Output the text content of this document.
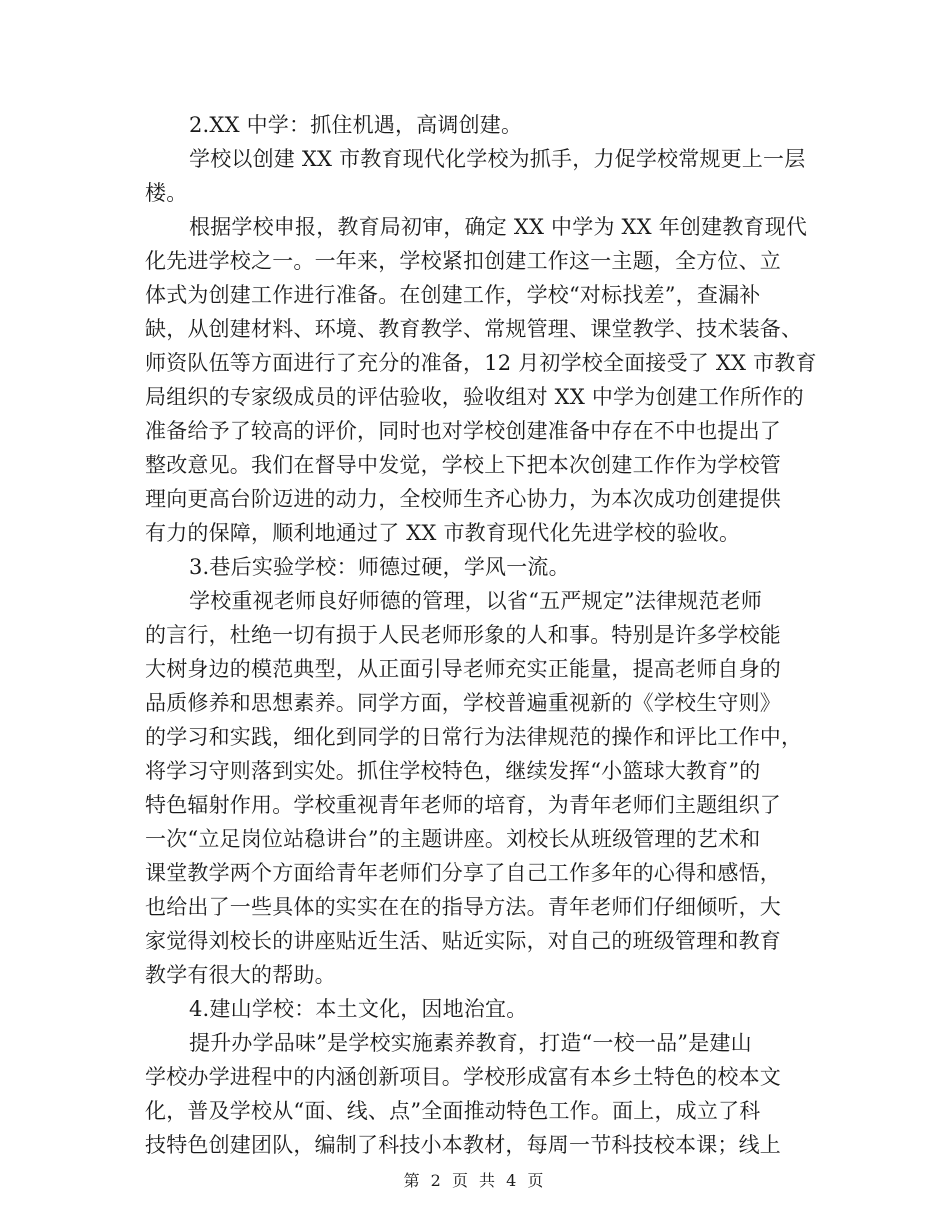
2.XX 中学：抓住机遇，高调创建。
学校以创建 XX 市教育现代化学校为抓手，力促学校常规更上一层
楼。
根据学校申报，教育局初审，确定 XX 中学为 XX 年创建教育现代
化先进学校之一。一年来，学校紧扣创建工作这一主题，全方位、立
体式为创建工作进行准备。在创建工作，学校“对标找差”，查漏补
缺，从创建材料、环境、教育教学、常规管理、课堂教学、技术装备、
师资队伍等方面进行了充分的准备，12 月初学校全面接受了 XX 市教育
局组织的专家级成员的评估验收，验收组对 XX 中学为创建工作所作的
准备给予了较高的评价，同时也对学校创建准备中存在不中也提出了
整改意见。我们在督导中发觉，学校上下把本次创建工作作为学校管
理向更高台阶迈进的动力，全校师生齐心协力，为本次成功创建提供
有力的保障，顺利地通过了 XX 市教育现代化先进学校的验收。
3.巷后实验学校：师德过硬，学风一流。
学校重视老师良好师德的管理，以省“五严规定”法律规范老师
的言行，杜绝一切有损于人民老师形象的人和事。特别是许多学校能
大树身边的模范典型，从正面引导老师充实正能量，提高老师自身的
品质修养和思想素养。同学方面，学校普遍重视新的《学校生守则》
的学习和实践，细化到同学的日常行为法律规范的操作和评比工作中，
将学习守则落到实处。抓住学校特色，继续发挥“小篮球大教育”的
特色辐射作用。学校重视青年老师的培育，为青年老师们主题组织了
一次“立足岗位站稳讲台”的主题讲座。刘校长从班级管理的艺术和
课堂教学两个方面给青年老师们分享了自己工作多年的心得和感悟，
也给出了一些具体的实实在在的指导方法。青年老师们仔细倾听，大
家觉得刘校长的讲座贴近生活、贴近实际，对自己的班级管理和教育
教学有很大的帮助。
4.建山学校：本土文化，因地治宜。
提升办学品味”是学校实施素养教育，打造“一校一品”是建山
学校办学进程中的内涵创新项目。学校形成富有本乡土特色的校本文
化，普及学校从“面、线、点”全面推动特色工作。面上，成立了科
技特色创建团队，编制了科技小本教材，每周一节科技校本课；线上
第 2 页 共 4 页
